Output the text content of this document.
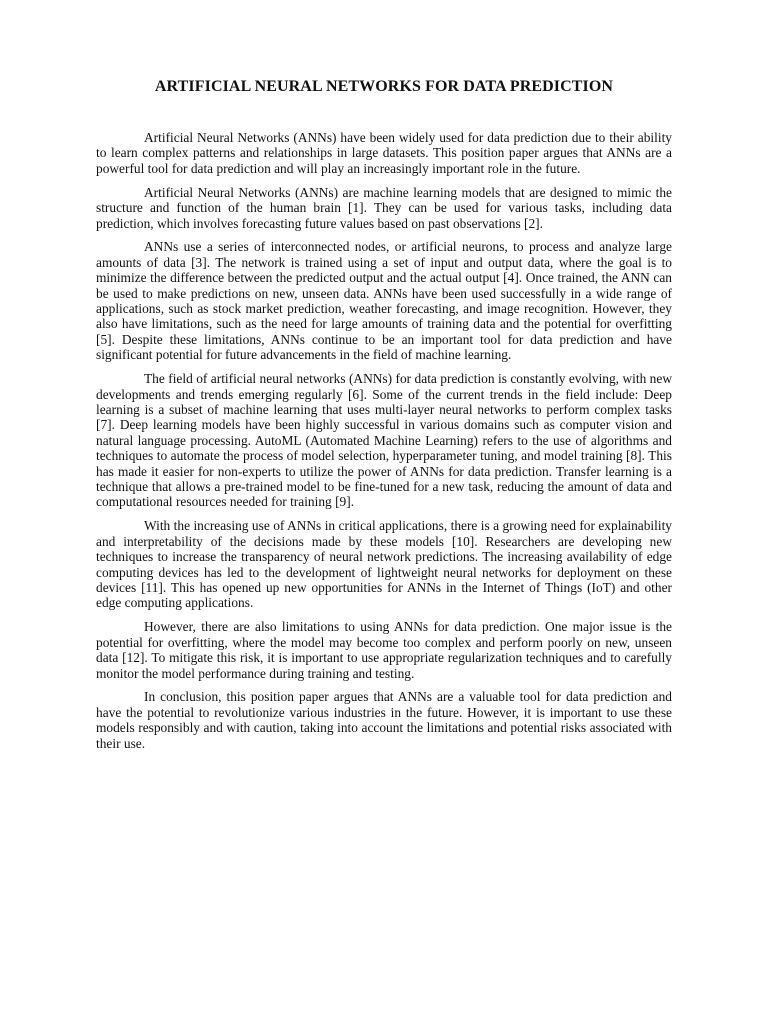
ARTIFICIAL NEURAL NETWORKS FOR DATA PREDICTION

Artificial Neural Networks (ANNs) have been widely used for data prediction due to their ability to learn complex patterns and relationships in large datasets. This position paper argues that ANNs are a powerful tool for data prediction and will play an increasingly important role in the future.

Artificial Neural Networks (ANNs) are machine learning models that are designed to mimic the structure and function of the human brain [1]. They can be used for various tasks, including data prediction, which involves forecasting future values based on past observations [2].

ANNs use a series of interconnected nodes, or artificial neurons, to process and analyze large amounts of data [3]. The network is trained using a set of input and output data, where the goal is to minimize the difference between the predicted output and the actual output [4]. Once trained, the ANN can be used to make predictions on new, unseen data. ANNs have been used successfully in a wide range of applications, such as stock market prediction, weather forecasting, and image recognition. However, they also have limitations, such as the need for large amounts of training data and the potential for overfitting [5]. Despite these limitations, ANNs continue to be an important tool for data prediction and have significant potential for future advancements in the field of machine learning.

The field of artificial neural networks (ANNs) for data prediction is constantly evolving, with new developments and trends emerging regularly [6]. Some of the current trends in the field include: Deep learning is a subset of machine learning that uses multi-layer neural networks to perform complex tasks [7]. Deep learning models have been highly successful in various domains such as computer vision and natural language processing. AutoML (Automated Machine Learning) refers to the use of algorithms and techniques to automate the process of model selection, hyperparameter tuning, and model training [8]. This has made it easier for non-experts to utilize the power of ANNs for data prediction. Transfer learning is a technique that allows a pre-trained model to be fine-tuned for a new task, reducing the amount of data and computational resources needed for training [9].

With the increasing use of ANNs in critical applications, there is a growing need for explainability and interpretability of the decisions made by these models [10]. Researchers are developing new techniques to increase the transparency of neural network predictions. The increasing availability of edge computing devices has led to the development of lightweight neural networks for deployment on these devices [11]. This has opened up new opportunities for ANNs in the Internet of Things (IoT) and other edge computing applications.

However, there are also limitations to using ANNs for data prediction. One major issue is the potential for overfitting, where the model may become too complex and perform poorly on new, unseen data [12]. To mitigate this risk, it is important to use appropriate regularization techniques and to carefully monitor the model performance during training and testing.

In conclusion, this position paper argues that ANNs are a valuable tool for data prediction and have the potential to revolutionize various industries in the future. However, it is important to use these models responsibly and with caution, taking into account the limitations and potential risks associated with their use.
